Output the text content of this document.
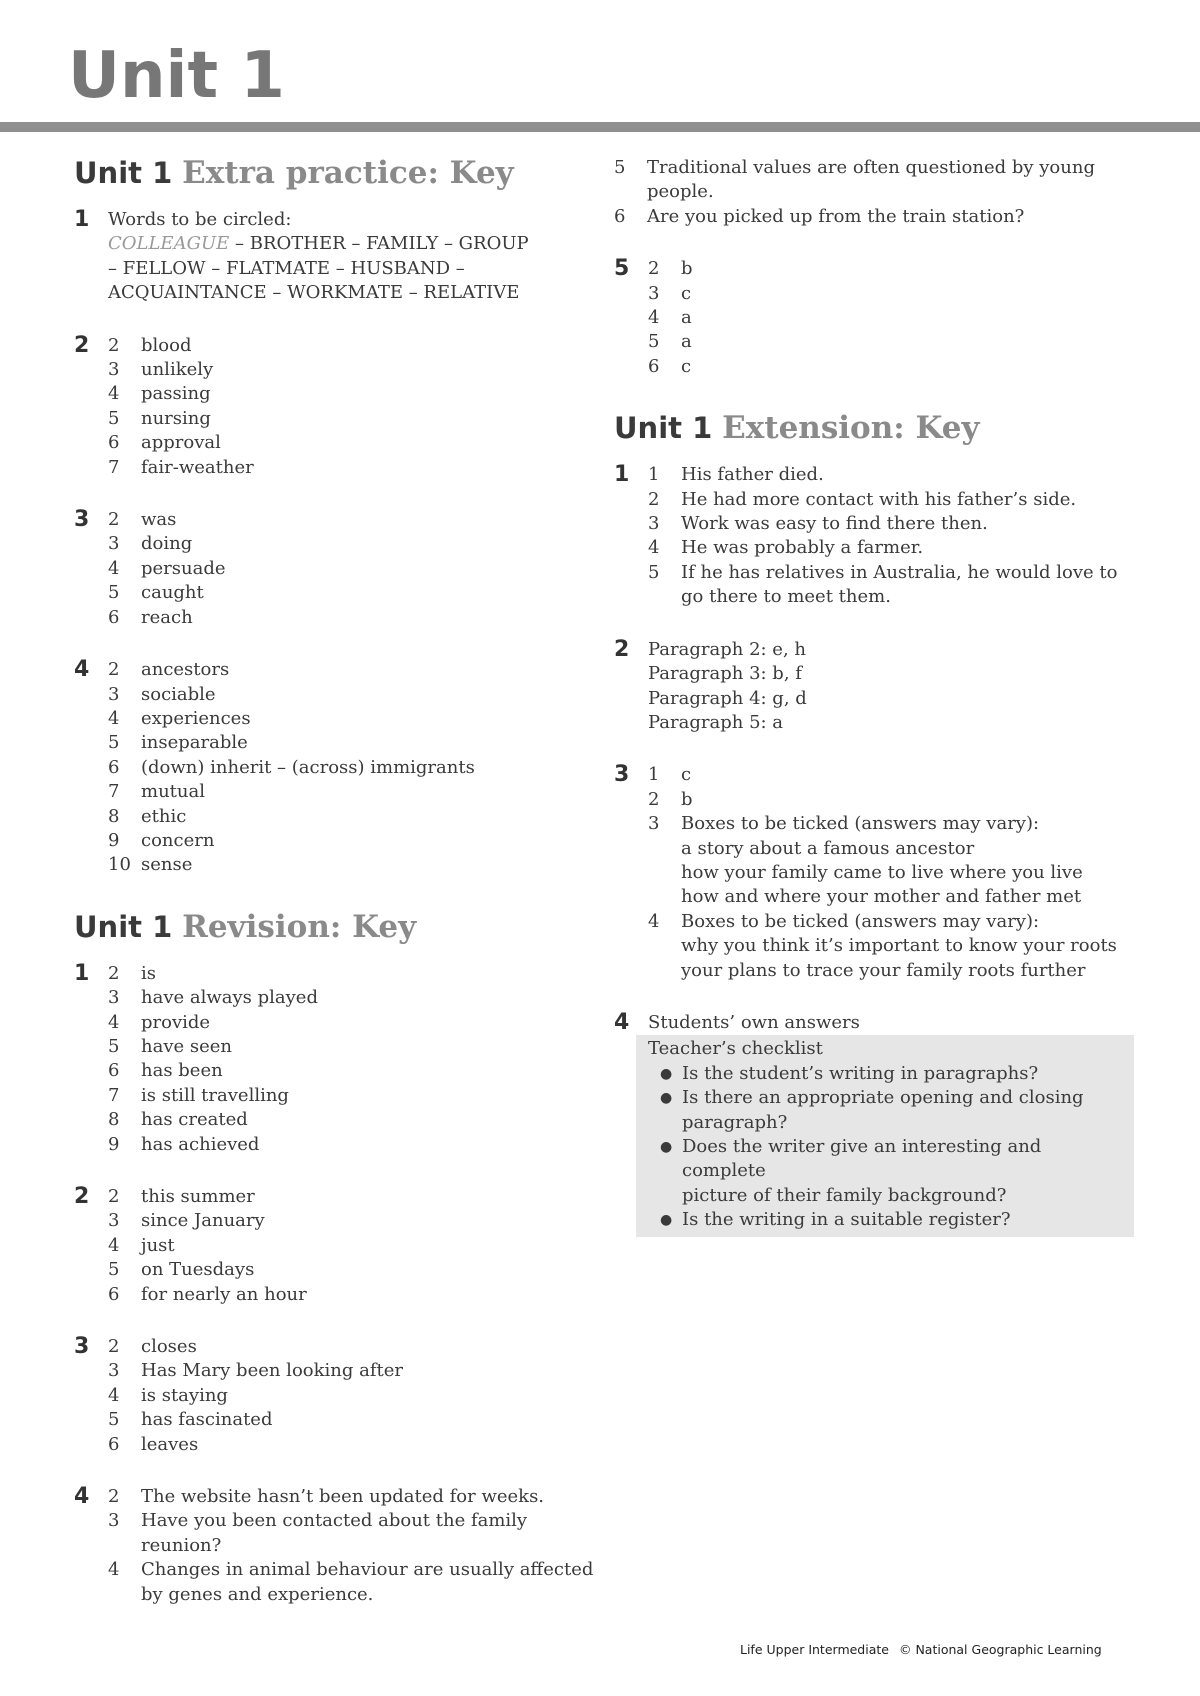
Unit 1
Unit 1 Extra practice: Key
1 Words to be circled:
COLLEAGUE – BROTHER – FAMILY – GROUP
– FELLOW – FLATMATE – HUSBAND –
ACQUAINTANCE – WORKMATE – RELATIVE
2 2	blood
3	unlikely
4	passing
5	nursing
6	approval
7	fair-weather
3 2	was
3	doing
4	persuade
5	caught
6	reach
4 2	ancestors
3	sociable
4	experiences
5	inseparable
6	(down) inherit – (across) immigrants
7	mutual
8	ethic
9	concern
10 sense
Unit 1 Revision: Key
1 2	is
3	have always played
4	provide
5	have seen
6	has been
7	is still travelling
8	has created
9	has achieved
2 2	this summer
3	since January
4	just
5	on Tuesdays
6	for nearly an hour
3 2	closes
3	Has Mary been looking after
4	is staying
5	has fascinated
6	leaves
4 2	The website hasn’t been updated for weeks.
3	Have you been contacted about the family
reunion?
4	Changes in animal behaviour are usually affected
by genes and experience.
5	Traditional values are often questioned by young
people.
6	Are you picked up from the train station?
5 2	b
3	c
4	a
5	a
6	c
Unit 1 Extension: Key
1 1	His father died.
2	He had more contact with his father’s side.
3	Work was easy to find there then.
4	He was probably a farmer.
5	If he has relatives in Australia, he would love to
go there to meet them.
2 Paragraph 2: e, h
Paragraph 3: b, f
Paragraph 4: g, d
Paragraph 5: a
3 1	c
2	b
3	Boxes to be ticked (answers may vary):
a story about a famous ancestor
how your family came to live where you live
how and where your mother and father met
4	Boxes to be ticked (answers may vary):
why you think it’s important to know your roots
your plans to trace your family roots further
4 Students’ own answers
Teacher’s checklist
● Is the student’s writing in paragraphs?
● Is there an appropriate opening and closing
paragraph?
● Does the writer give an interesting and complete
picture of their family background?
● Is the writing in a suitable register?
Life Upper Intermediate © National Geographic Learning
